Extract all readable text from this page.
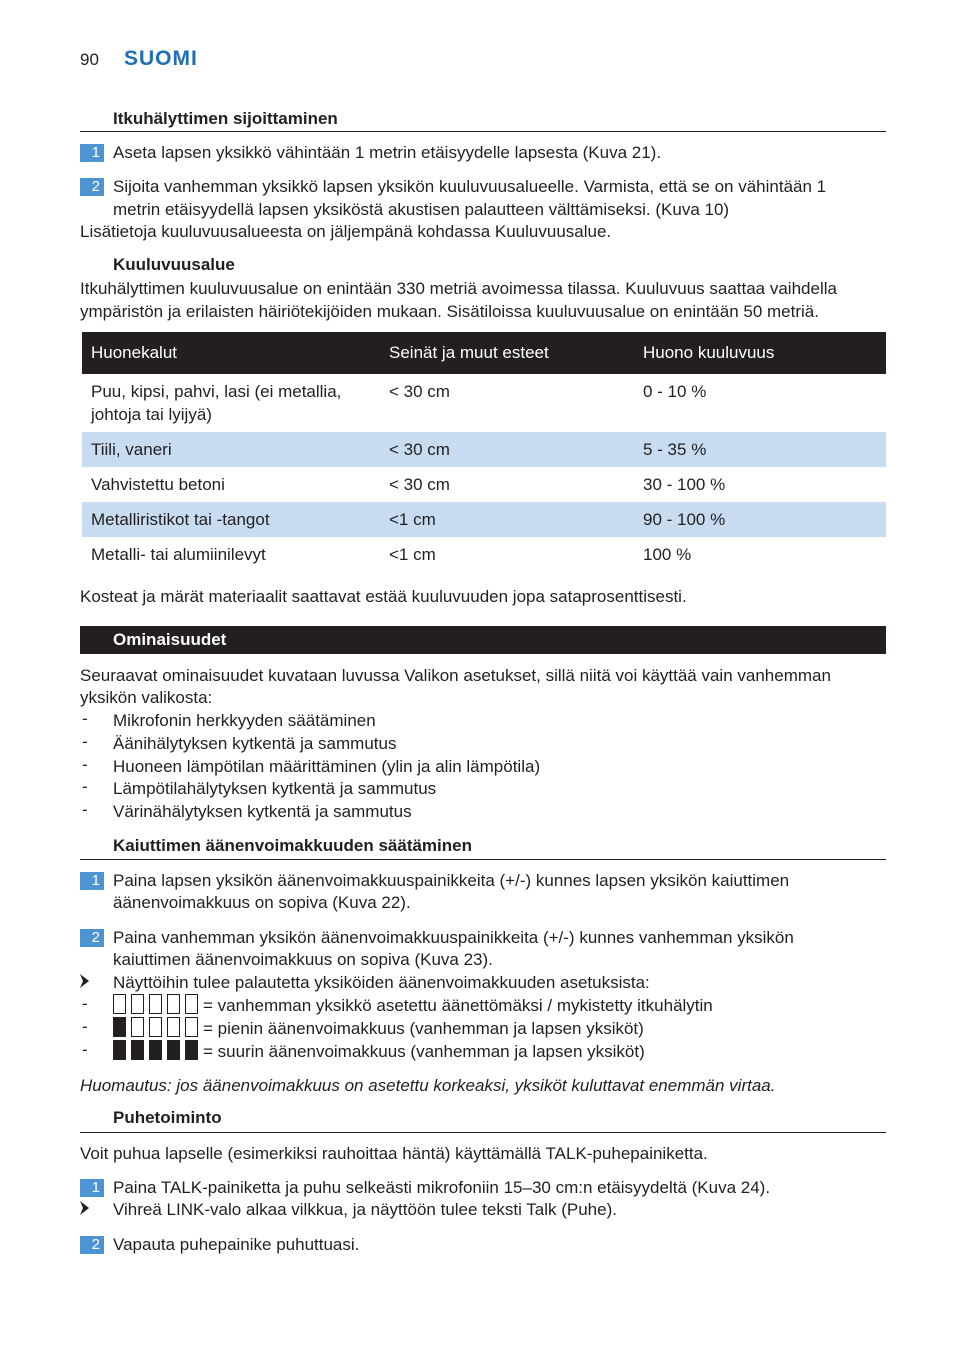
90 SUOMI
Itkuhälyttimen sijoittaminen
1 Aseta lapsen yksikkö vähintään 1 metrin etäisyydelle lapsesta (Kuva 21).
2 Sijoita vanhemman yksikkö lapsen yksikön kuuluvuusalueelle. Varmista, että se on vähintään 1
metrin etäisyydellä lapsen yksiköstä akustisen palautteen välttämiseksi. (Kuva 10)
Lisätietoja kuuluvuusalueesta on jäljempänä kohdassa Kuuluvuusalue.
Kuuluvuusalue
Itkuhälyttimen kuuluvuusalue on enintään 330 metriä avoimessa tilassa. Kuuluvuus saattaa vaihdella
ympäristön ja erilaisten häiriötekijöiden mukaan. Sisätiloissa kuuluvuusalue on enintään 50 metriä.
Huonekalut	Seinät ja muut esteet	Huono kuuluvuus

Puu, kipsi, pahvi, lasi (ei metallia,
johtoja tai lyijyä)	< 30 cm	0 - 10 %
Tiili, vaneri	< 30 cm	5 - 35 %
Vahvistettu betoni	< 30 cm	30 - 100 %
Metalliristikot tai -tangot	<1 cm	90 - 100 %
Metalli- tai alumiinilevyt	<1 cm	100 %
Kosteat ja märät materiaalit saattavat estää kuuluvuuden jopa sataprosenttisesti.
Ominaisuudet
Seuraavat ominaisuudet kuvataan luvussa Valikon asetukset, sillä niitä voi käyttää vain vanhemman
yksikön valikosta:
- Mikrofonin herkkyyden säätäminen
- Äänihälytyksen kytkentä ja sammutus
- Huoneen lämpötilan määrittäminen (ylin ja alin lämpötila)
- Lämpötilahälytyksen kytkentä ja sammutus
- Värinähälytyksen kytkentä ja sammutus
Kaiuttimen äänenvoimakkuuden säätäminen
1 Paina lapsen yksikön äänenvoimakkuuspainikkeita (+/-) kunnes lapsen yksikön kaiuttimen
äänenvoimakkuus on sopiva (Kuva 22).
2 Paina vanhemman yksikön äänenvoimakkuuspainikkeita (+/-) kunnes vanhemman yksikön
kaiuttimen äänenvoimakkuus on sopiva (Kuva 23).
Näyttöihin tulee palautetta yksiköiden äänenvoimakkuuden asetuksista:
-	= vanhemman yksikkö asetettu äänettömäksi / mykistetty itkuhälytin
-	= pienin äänenvoimakkuus (vanhemman ja lapsen yksiköt)
-	= suurin äänenvoimakkuus (vanhemman ja lapsen yksiköt)
Huomautus: jos äänenvoimakkuus on asetettu korkeaksi, yksiköt kuluttavat enemmän virtaa.
Puhetoiminto
Voit puhua lapselle (esimerkiksi rauhoittaa häntä) käyttämällä TALK-puhepainiketta.
1 Paina TALK-painiketta ja puhu selkeästi mikrofoniin 15–30 cm:n etäisyydeltä (Kuva 24).
Vihreä LINK-valo alkaa vilkkua, ja näyttöön tulee teksti Talk (Puhe).
2 Vapauta puhepainike puhuttuasi.
